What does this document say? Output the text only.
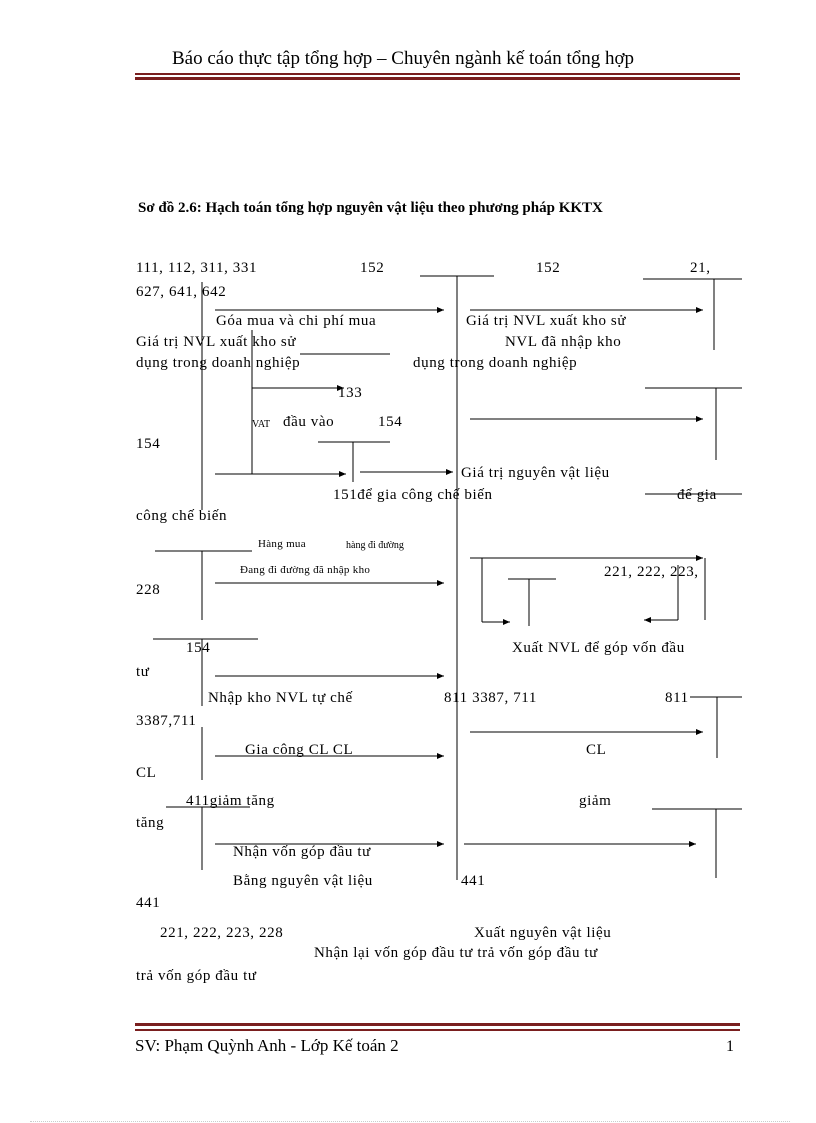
Báo cáo thực tập tổng hợp – Chuyên ngành kế toán tổng hợp
Sơ đồ 2.6: Hạch toán tổng hợp nguyên vật liệu theo phương pháp KKTX
111, 112, 311, 331	152	152	21,
627, 641, 642
Góa mua và chi phí mua	Giá trị NVL xuất kho sử
Giá trị NVL xuất kho sử	NVL đã nhập kho
dụng trong doanh nghiệp	dụng trong doanh nghiệp
133
VAT đầu vào	154
154
Giá trị nguyên vật liệu
151để gia công chế biến	để gia
công chế biến
Hàng mua	hàng đi đường
Đang đi đường đã nhập kho	221, 222, 223,
228
154	Xuất NVL để góp vốn đầu
tư
Nhập kho NVL tự chế	811 3387, 711	811
3387,711
Gia công CL CL	CL
CL
411giảm tăng	giảm
tăng
Nhận vốn góp đầu tư
Bằng nguyên vật liệu	441
441
221, 222, 223, 228	Xuất nguyên vật liệu
Nhận lại vốn góp đầu tư trả vốn góp đầu tư
trả vốn góp đầu tư
SV: Phạm Quỳnh Anh - Lớp Kế toán 2	1
